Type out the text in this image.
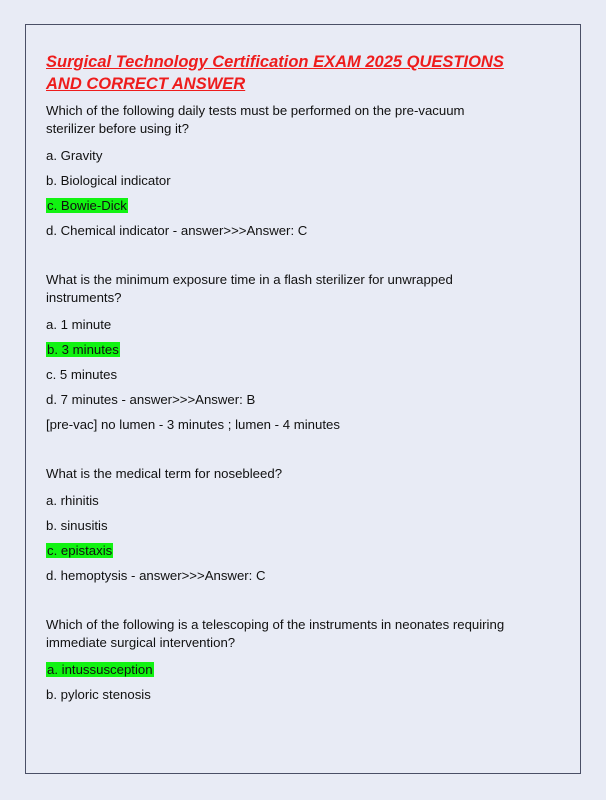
Surgical Technology Certification EXAM 2025 QUESTIONS AND CORRECT ANSWER
Which of the following daily tests must be performed on the pre-vacuum sterilizer before using it?
a. Gravity
b. Biological indicator
c. Bowie-Dick
d. Chemical indicator - answer>>>Answer: C
What is the minimum exposure time in a flash sterilizer for unwrapped instruments?
a. 1 minute
b. 3 minutes
c. 5 minutes
d. 7 minutes - answer>>>Answer: B
[pre-vac] no lumen - 3 minutes ; lumen - 4 minutes
What is the medical term for nosebleed?
a. rhinitis
b. sinusitis
c. epistaxis
d. hemoptysis - answer>>>Answer: C
Which of the following is a telescoping of the instruments in neonates requiring immediate surgical intervention?
a. intussusception
b. pyloric stenosis
